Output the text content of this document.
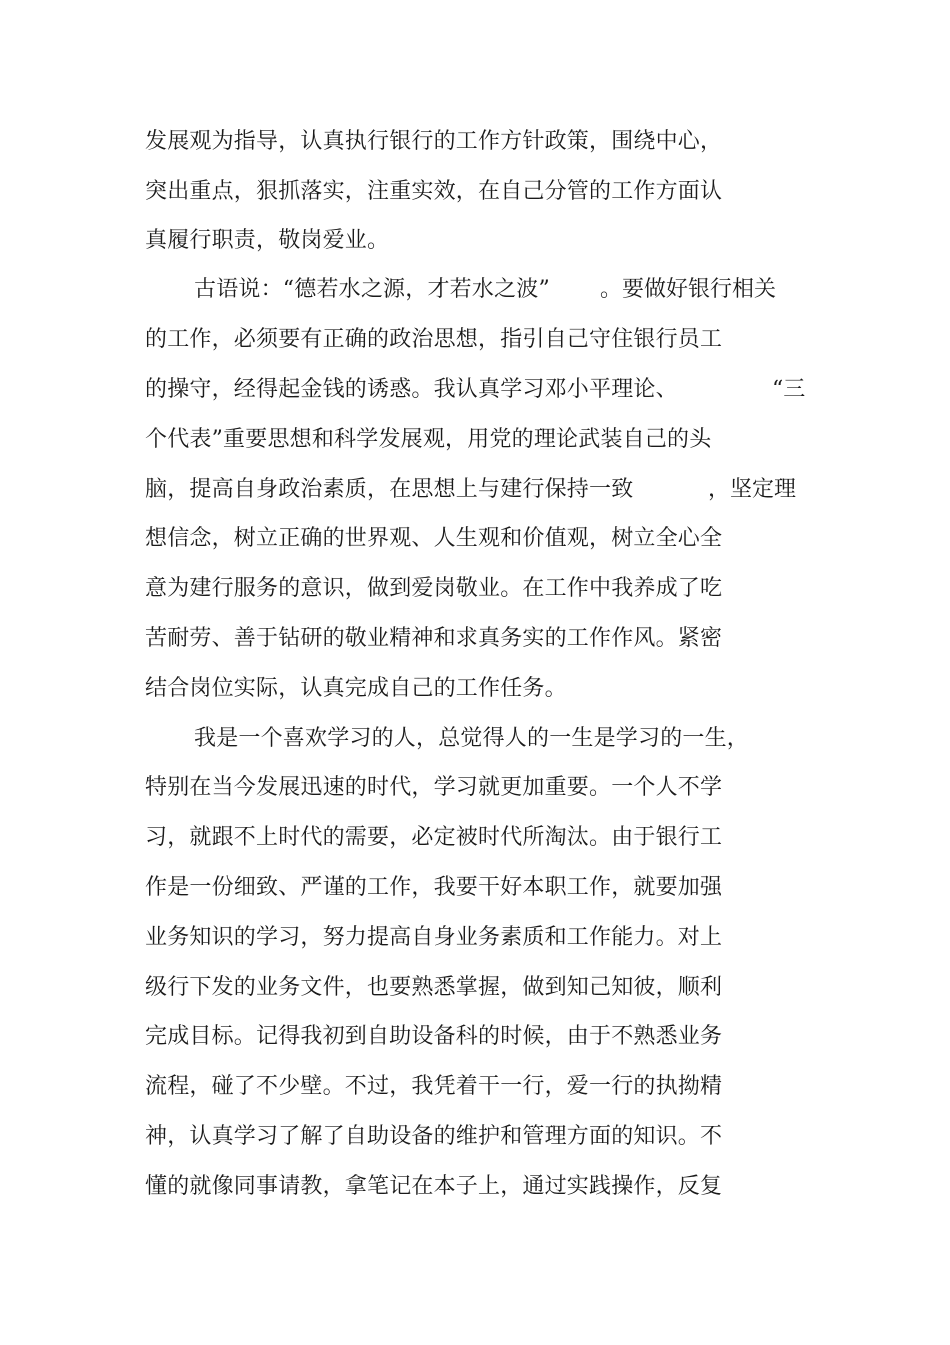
发展观为指导，认真执行银行的工作方针政策，围绕中心，
突出重点，狠抓落实，注重实效，在自己分管的工作方面认
真履行职责，敬岗爱业。
古语说：“德若水之源，才若水之波” 。要做好银行相关
的工作，必须要有正确的政治思想，指引自己守住银行员工
的操守，经得起金钱的诱惑。我认真学习邓小平理论、	“三
个代表”重要思想和科学发展观，用党的理论武装自己的头
脑，提高自身政治素质，在思想上与建行保持一致	，坚定理
想信念，树立正确的世界观、人生观和价值观，树立全心全
意为建行服务的意识，做到爱岗敬业。在工作中我养成了吃
苦耐劳、善于钻研的敬业精神和求真务实的工作作风。紧密
结合岗位实际，认真完成自己的工作任务。
我是一个喜欢学习的人，总觉得人的一生是学习的一生，
特别在当今发展迅速的时代，学习就更加重要。一个人不学
习，就跟不上时代的需要，必定被时代所淘汰。由于银行工
作是一份细致、严谨的工作，我要干好本职工作，就要加强
业务知识的学习，努力提高自身业务素质和工作能力。对上
级行下发的业务文件，也要熟悉掌握，做到知己知彼，顺利
完成目标。记得我初到自助设备科的时候，由于不熟悉业务
流程，碰了不少壁。不过，我凭着干一行，爱一行的执拗精
神，认真学习了解了自助设备的维护和管理方面的知识。不
懂的就像同事请教，拿笔记在本子上，通过实践操作，反复
